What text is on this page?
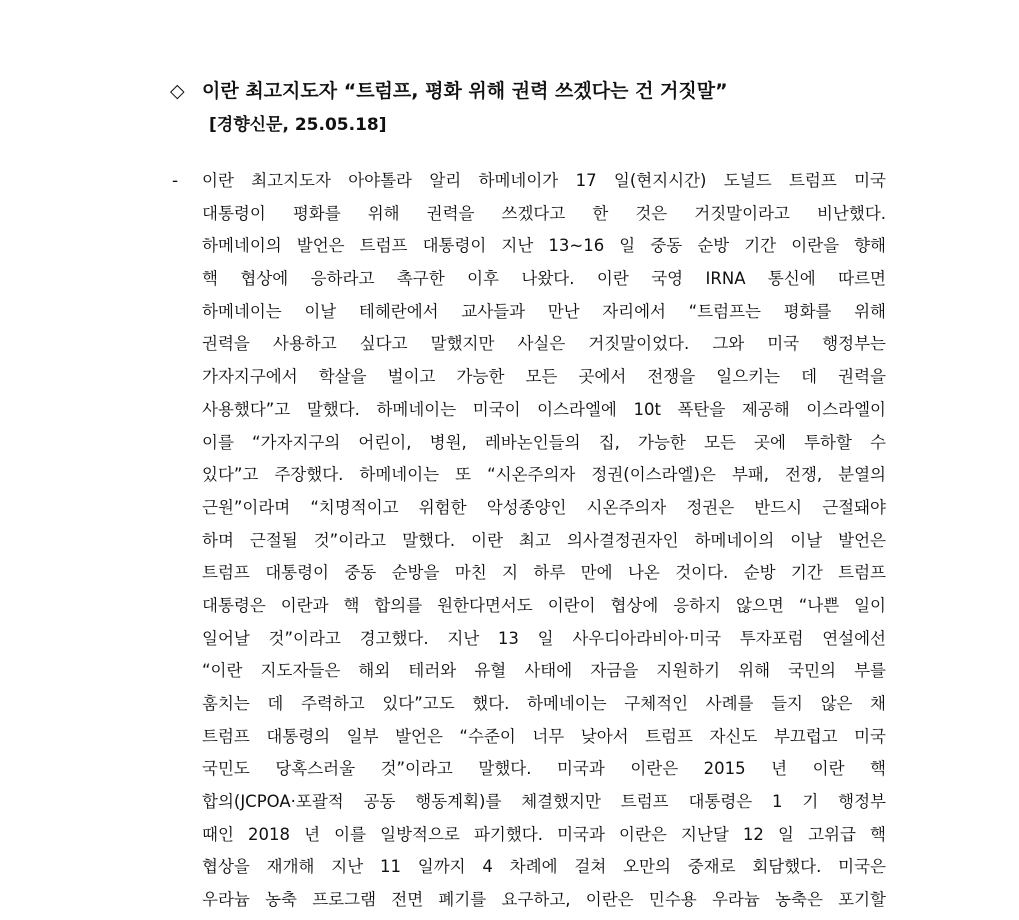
◇ 이란 최고지도자 “트럼프, 평화 위해 권력 쓰겠다는 건 거짓말”
[경향신문, 25.05.18]
- 이란 최고지도자 아야톨라 알리 하메네이가 17 일(현지시간) 도널드 트럼프 미국
대통령이 평화를 위해 권력을 쓰겠다고 한 것은 거짓말이라고 비난했다.
하메네이의 발언은 트럼프 대통령이 지난 13~16 일 중동 순방 기간 이란을 향해
핵 협상에 응하라고 촉구한 이후 나왔다. 이란 국영 IRNA 통신에 따르면
하메네이는 이날 테헤란에서 교사들과 만난 자리에서 “트럼프는 평화를 위해
권력을 사용하고 싶다고 말했지만 사실은 거짓말이었다. 그와 미국 행정부는
가자지구에서 학살을 벌이고 가능한 모든 곳에서 전쟁을 일으키는 데 권력을
사용했다”고 말했다. 하메네이는 미국이 이스라엘에 10t 폭탄을 제공해 이스라엘이
이를 “가자지구의 어린이, 병원, 레바논인들의 집, 가능한 모든 곳에 투하할 수
있다”고 주장했다. 하메네이는 또 “시온주의자 정권(이스라엘)은 부패, 전쟁, 분열의
근원”이라며 “치명적이고 위험한 악성종양인 시온주의자 정권은 반드시 근절돼야
하며 근절될 것”이라고 말했다. 이란 최고 의사결정권자인 하메네이의 이날 발언은
트럼프 대통령이 중동 순방을 마친 지 하루 만에 나온 것이다. 순방 기간 트럼프
대통령은 이란과 핵 합의를 원한다면서도 이란이 협상에 응하지 않으면 “나쁜 일이
일어날 것”이라고 경고했다. 지난 13 일 사우디아라비아·미국 투자포럼 연설에선
“이란 지도자들은 해외 테러와 유혈 사태에 자금을 지원하기 위해 국민의 부를
훔치는 데 주력하고 있다”고도 했다. 하메네이는 구체적인 사례를 들지 않은 채
트럼프 대통령의 일부 발언은 “수준이 너무 낮아서 트럼프 자신도 부끄럽고 미국
국민도 당혹스러울 것”이라고 말했다. 미국과 이란은 2015 년 이란 핵
합의(JCPOA·포괄적 공동 행동계획)를 체결했지만 트럼프 대통령은 1 기 행정부
때인 2018 년 이를 일방적으로 파기했다. 미국과 이란은 지난달 12 일 고위급 핵
협상을 재개해 지난 11 일까지 4 차례에 걸쳐 오만의 중재로 회담했다. 미국은
우라늄 농축 프로그램 전면 폐기를 요구하고, 이란은 민수용 우라늄 농축은 포기할
